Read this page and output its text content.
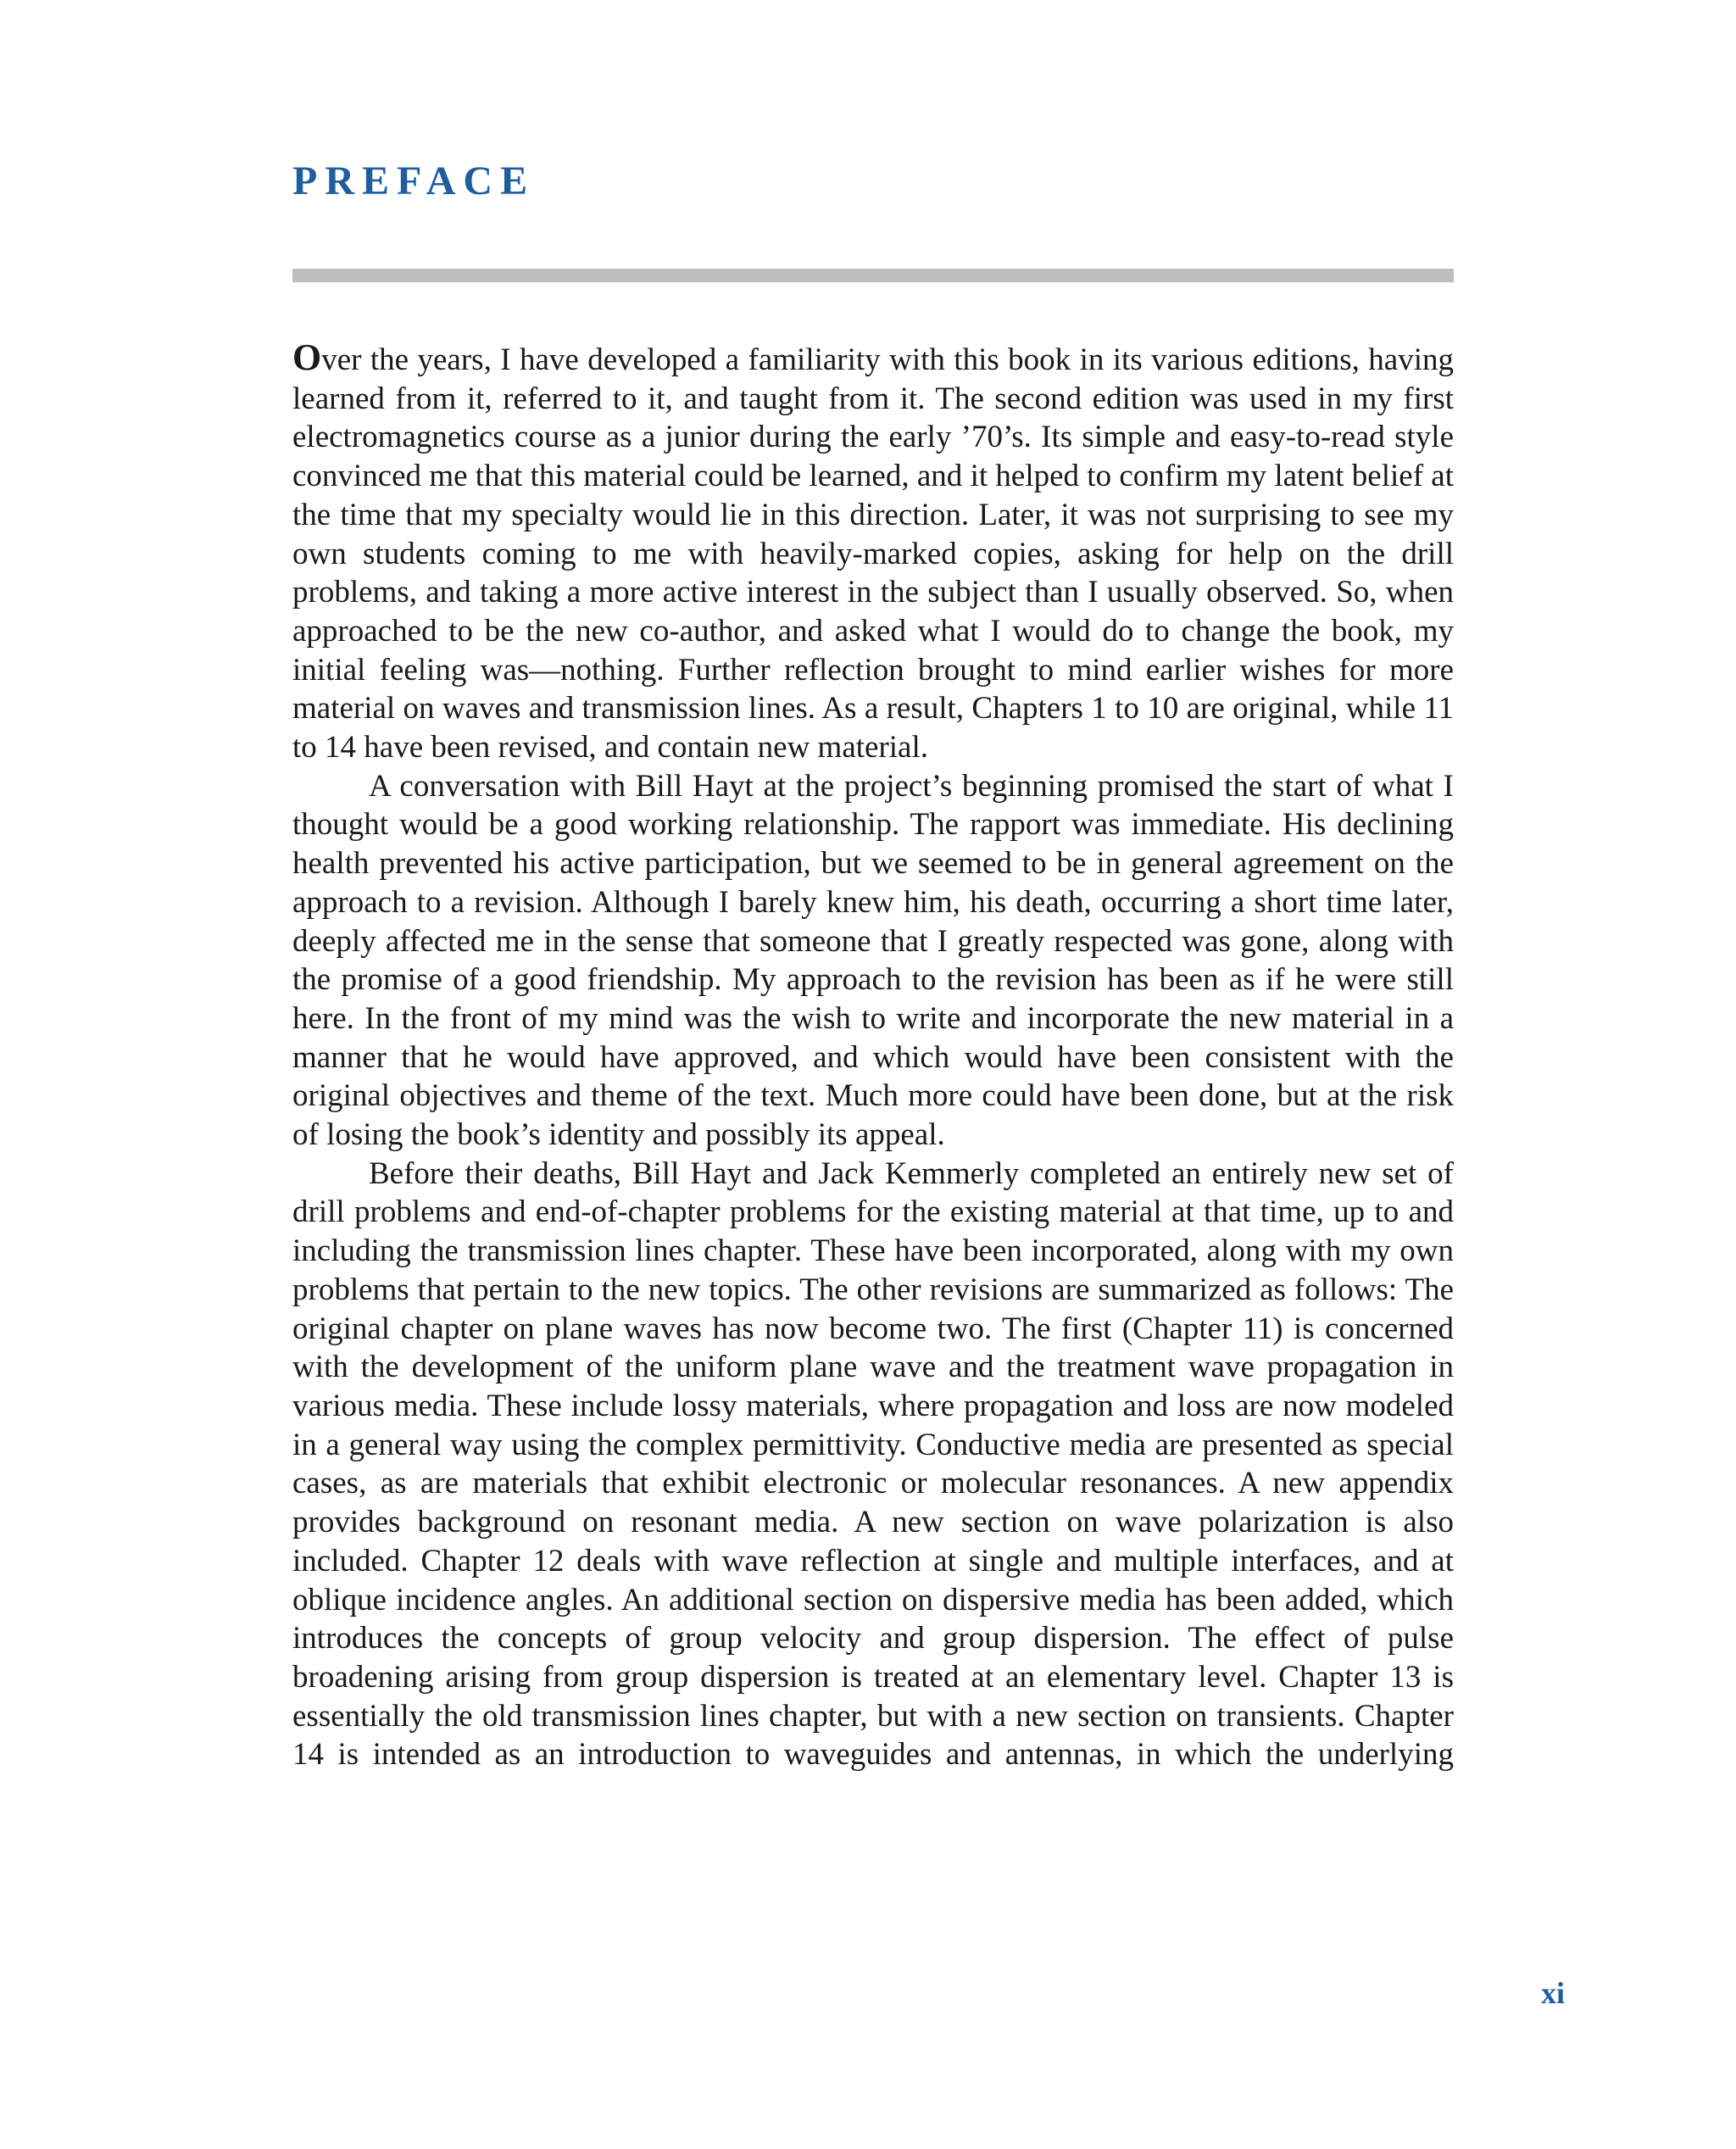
PREFACE

Over the years, I have developed a familiarity with this book in its various editions, having learned from it, referred to it, and taught from it. The second edition was used in my first electromagnetics course as a junior during the early ’70’s. Its simple and easy-to-read style convinced me that this material could be learned, and it helped to confirm my latent belief at the time that my specialty would lie in this direction. Later, it was not surprising to see my own students coming to me with heavily-marked copies, asking for help on the drill problems, and taking a more active interest in the subject than I usually observed. So, when approached to be the new co-author, and asked what I would do to change the book, my initial feeling was—nothing. Further reflection brought to mind earlier wishes for more material on waves and transmission lines. As a result, Chapters 1 to 10 are original, while 11 to 14 have been revised, and contain new material.

A conversation with Bill Hayt at the project’s beginning promised the start of what I thought would be a good working relationship. The rapport was immediate. His declining health prevented his active participation, but we seemed to be in general agreement on the approach to a revision. Although I barely knew him, his death, occurring a short time later, deeply affected me in the sense that someone that I greatly respected was gone, along with the promise of a good friendship. My approach to the revision has been as if he were still here. In the front of my mind was the wish to write and incorporate the new material in a manner that he would have approved, and which would have been consistent with the original objectives and theme of the text. Much more could have been done, but at the risk of losing the book’s identity and possibly its appeal.

Before their deaths, Bill Hayt and Jack Kemmerly completed an entirely new set of drill problems and end-of-chapter problems for the existing material at that time, up to and including the transmission lines chapter. These have been incorporated, along with my own problems that pertain to the new topics. The other revisions are summarized as follows: The original chapter on plane waves has now become two. The first (Chapter 11) is concerned with the development of the uniform plane wave and the treatment wave propagation in various media. These include lossy materials, where propagation and loss are now modeled in a general way using the complex permittivity. Conductive media are presented as special cases, as are materials that exhibit electronic or molecular resonances. A new appendix provides background on resonant media. A new section on wave polarization is also included. Chapter 12 deals with wave reflection at single and multiple interfaces, and at oblique incidence angles. An additional section on dispersive media has been added, which introduces the concepts of group velocity and group dispersion. The effect of pulse broadening arising from group dispersion is treated at an elementary level. Chapter 13 is essentially the old transmission lines chapter, but with a new section on transients. Chapter 14 is intended as an introduction to waveguides and antennas, in which the underlying

xi
